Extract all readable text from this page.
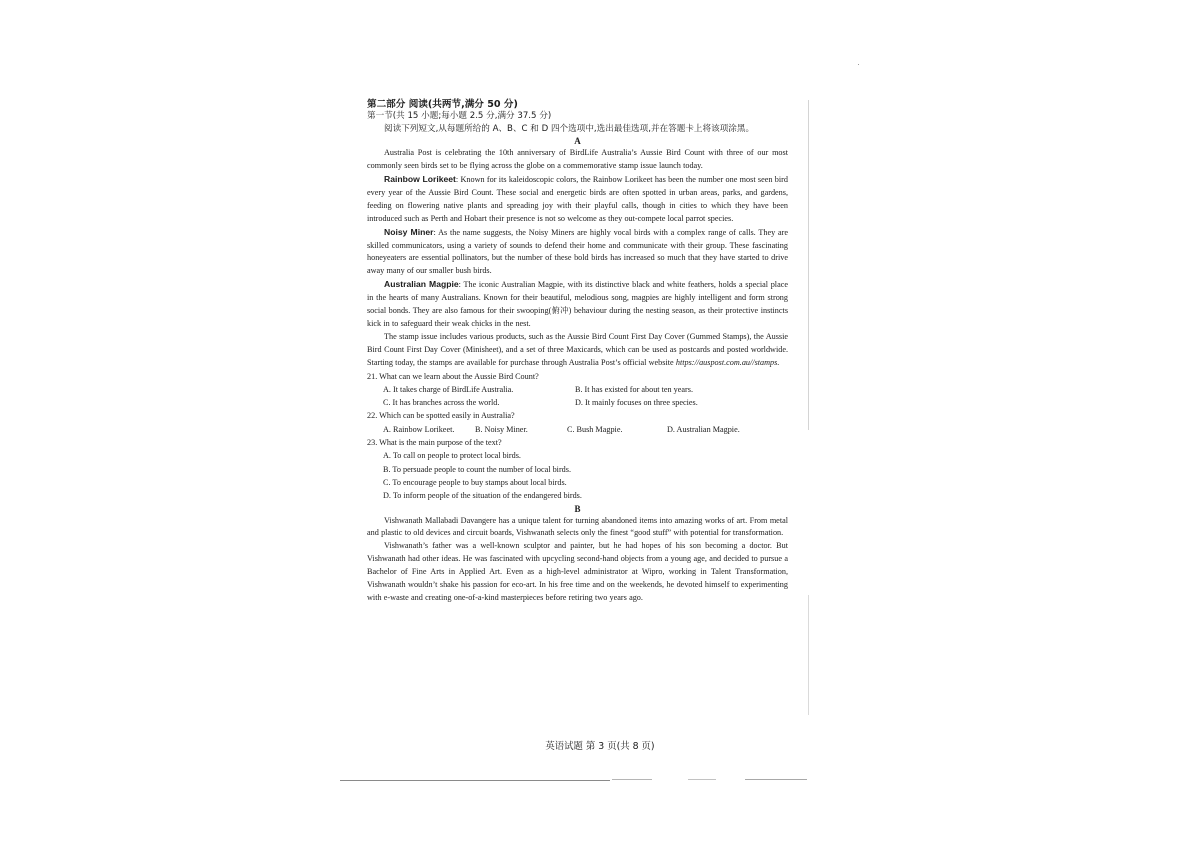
第二部分 阅读(共两节,满分 50 分)

第一节(共 15 小题;每小题 2.5 分,满分 37.5 分)

阅读下列短文,从每题所给的 A、B、C 和 D 四个选项中,选出最佳选项,并在答题卡上将该项涂黑。

A

Australia Post is celebrating the 10th anniversary of BirdLife Australia’s Aussie Bird Count with three of our most commonly seen birds set to be flying across the globe on a commemorative stamp issue launch today.

Rainbow Lorikeet: Known for its kaleidoscopic colors, the Rainbow Lorikeet has been the number one most seen bird every year of the Aussie Bird Count. These social and energetic birds are often spotted in urban areas, parks, and gardens, feeding on flowering native plants and spreading joy with their playful calls, though in cities to which they have been introduced such as Perth and Hobart their presence is not so welcome as they out-compete local parrot species.

Noisy Miner: As the name suggests, the Noisy Miners are highly vocal birds with a complex range of calls. They are skilled communicators, using a variety of sounds to defend their home and communicate with their group. These fascinating honeyeaters are essential pollinators, but the number of these bold birds has increased so much that they have started to drive away many of our smaller bush birds.

Australian Magpie: The iconic Australian Magpie, with its distinctive black and white feathers, holds a special place in the hearts of many Australians. Known for their beautiful, melodious song, magpies are highly intelligent and form strong social bonds. They are also famous for their swooping(俯冲) behaviour during the nesting season, as their protective instincts kick in to safeguard their weak chicks in the nest.

The stamp issue includes various products, such as the Aussie Bird Count First Day Cover (Gummed Stamps), the Aussie Bird Count First Day Cover (Minisheet), and a set of three Maxicards, which can be used as postcards and posted worldwide. Starting today, the stamps are available for purchase through Australia Post’s official website https://auspost.com.au//stamps.

21. What can we learn about the Aussie Bird Count?

A. It takes charge of BirdLife Australia.	B. It has existed for about ten years.
C. It has branches across the world.	D. It mainly focuses on three species.

22. Which can be spotted easily in Australia?

A. Rainbow Lorikeet.	B. Noisy Miner.	C. Bush Magpie.	D. Australian Magpie.

23. What is the main purpose of the text?

A. To call on people to protect local birds.

B. To persuade people to count the number of local birds.

C. To encourage people to buy stamps about local birds.

D. To inform people of the situation of the endangered birds.

B

Vishwanath Mallabadi Davangere has a unique talent for turning abandoned items into amazing works of art. From metal and plastic to old devices and circuit boards, Vishwanath selects only the finest “good stuff” with potential for transformation.

Vishwanath’s father was a well-known sculptor and painter, but he had hopes of his son becoming a doctor. But Vishwanath had other ideas. He was fascinated with upcycling second-hand objects from a young age, and decided to pursue a Bachelor of Fine Arts in Applied Art. Even as a high-level administrator at Wipro, working in Talent Transformation, Vishwanath wouldn’t shake his passion for eco-art. In his free time and on the weekends, he devoted himself to experimenting with e-waste and creating one-of-a-kind masterpieces before retiring two years ago.

英语试题 第 3 页(共 8 页)
